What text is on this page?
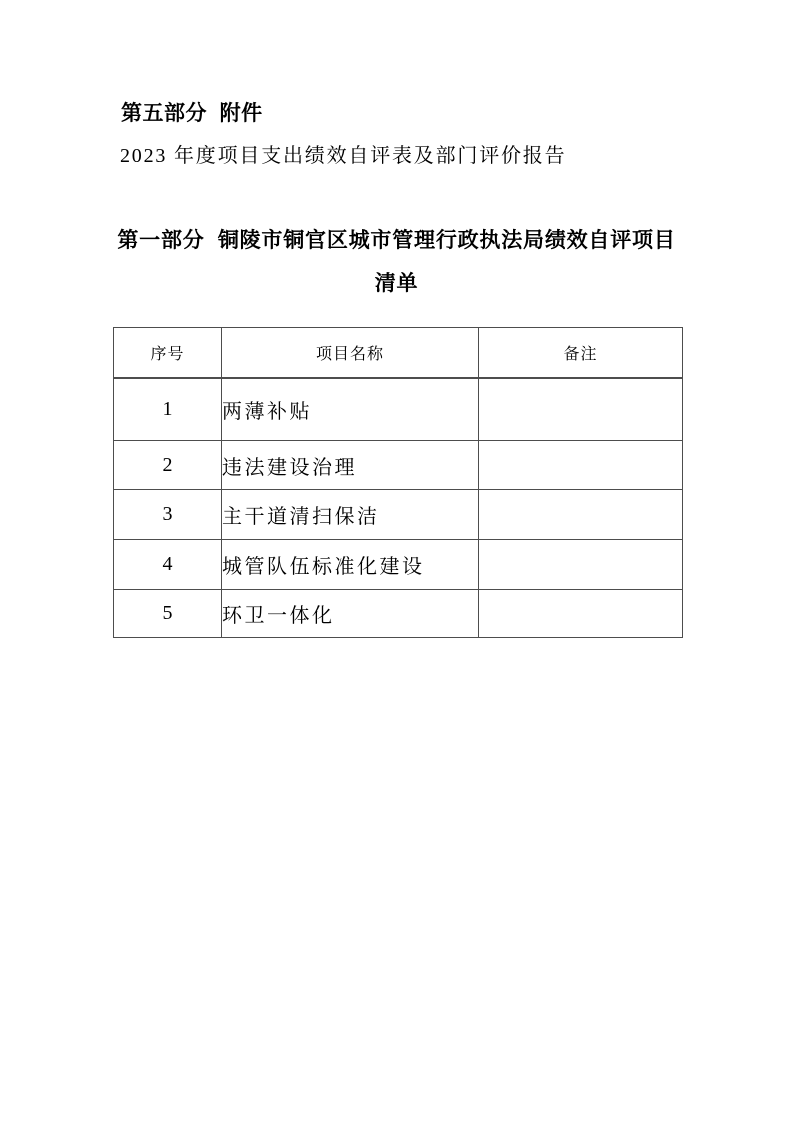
第五部分  附件
2023 年度项目支出绩效自评表及部门评价报告
第一部分  铜陵市铜官区城市管理行政执法局绩效自评项目
清单
序号	项目名称	备注
1	两薄补贴	
2	违法建设治理	
3	主干道清扫保洁	
4	城管队伍标准化建设	
5	环卫一体化	
